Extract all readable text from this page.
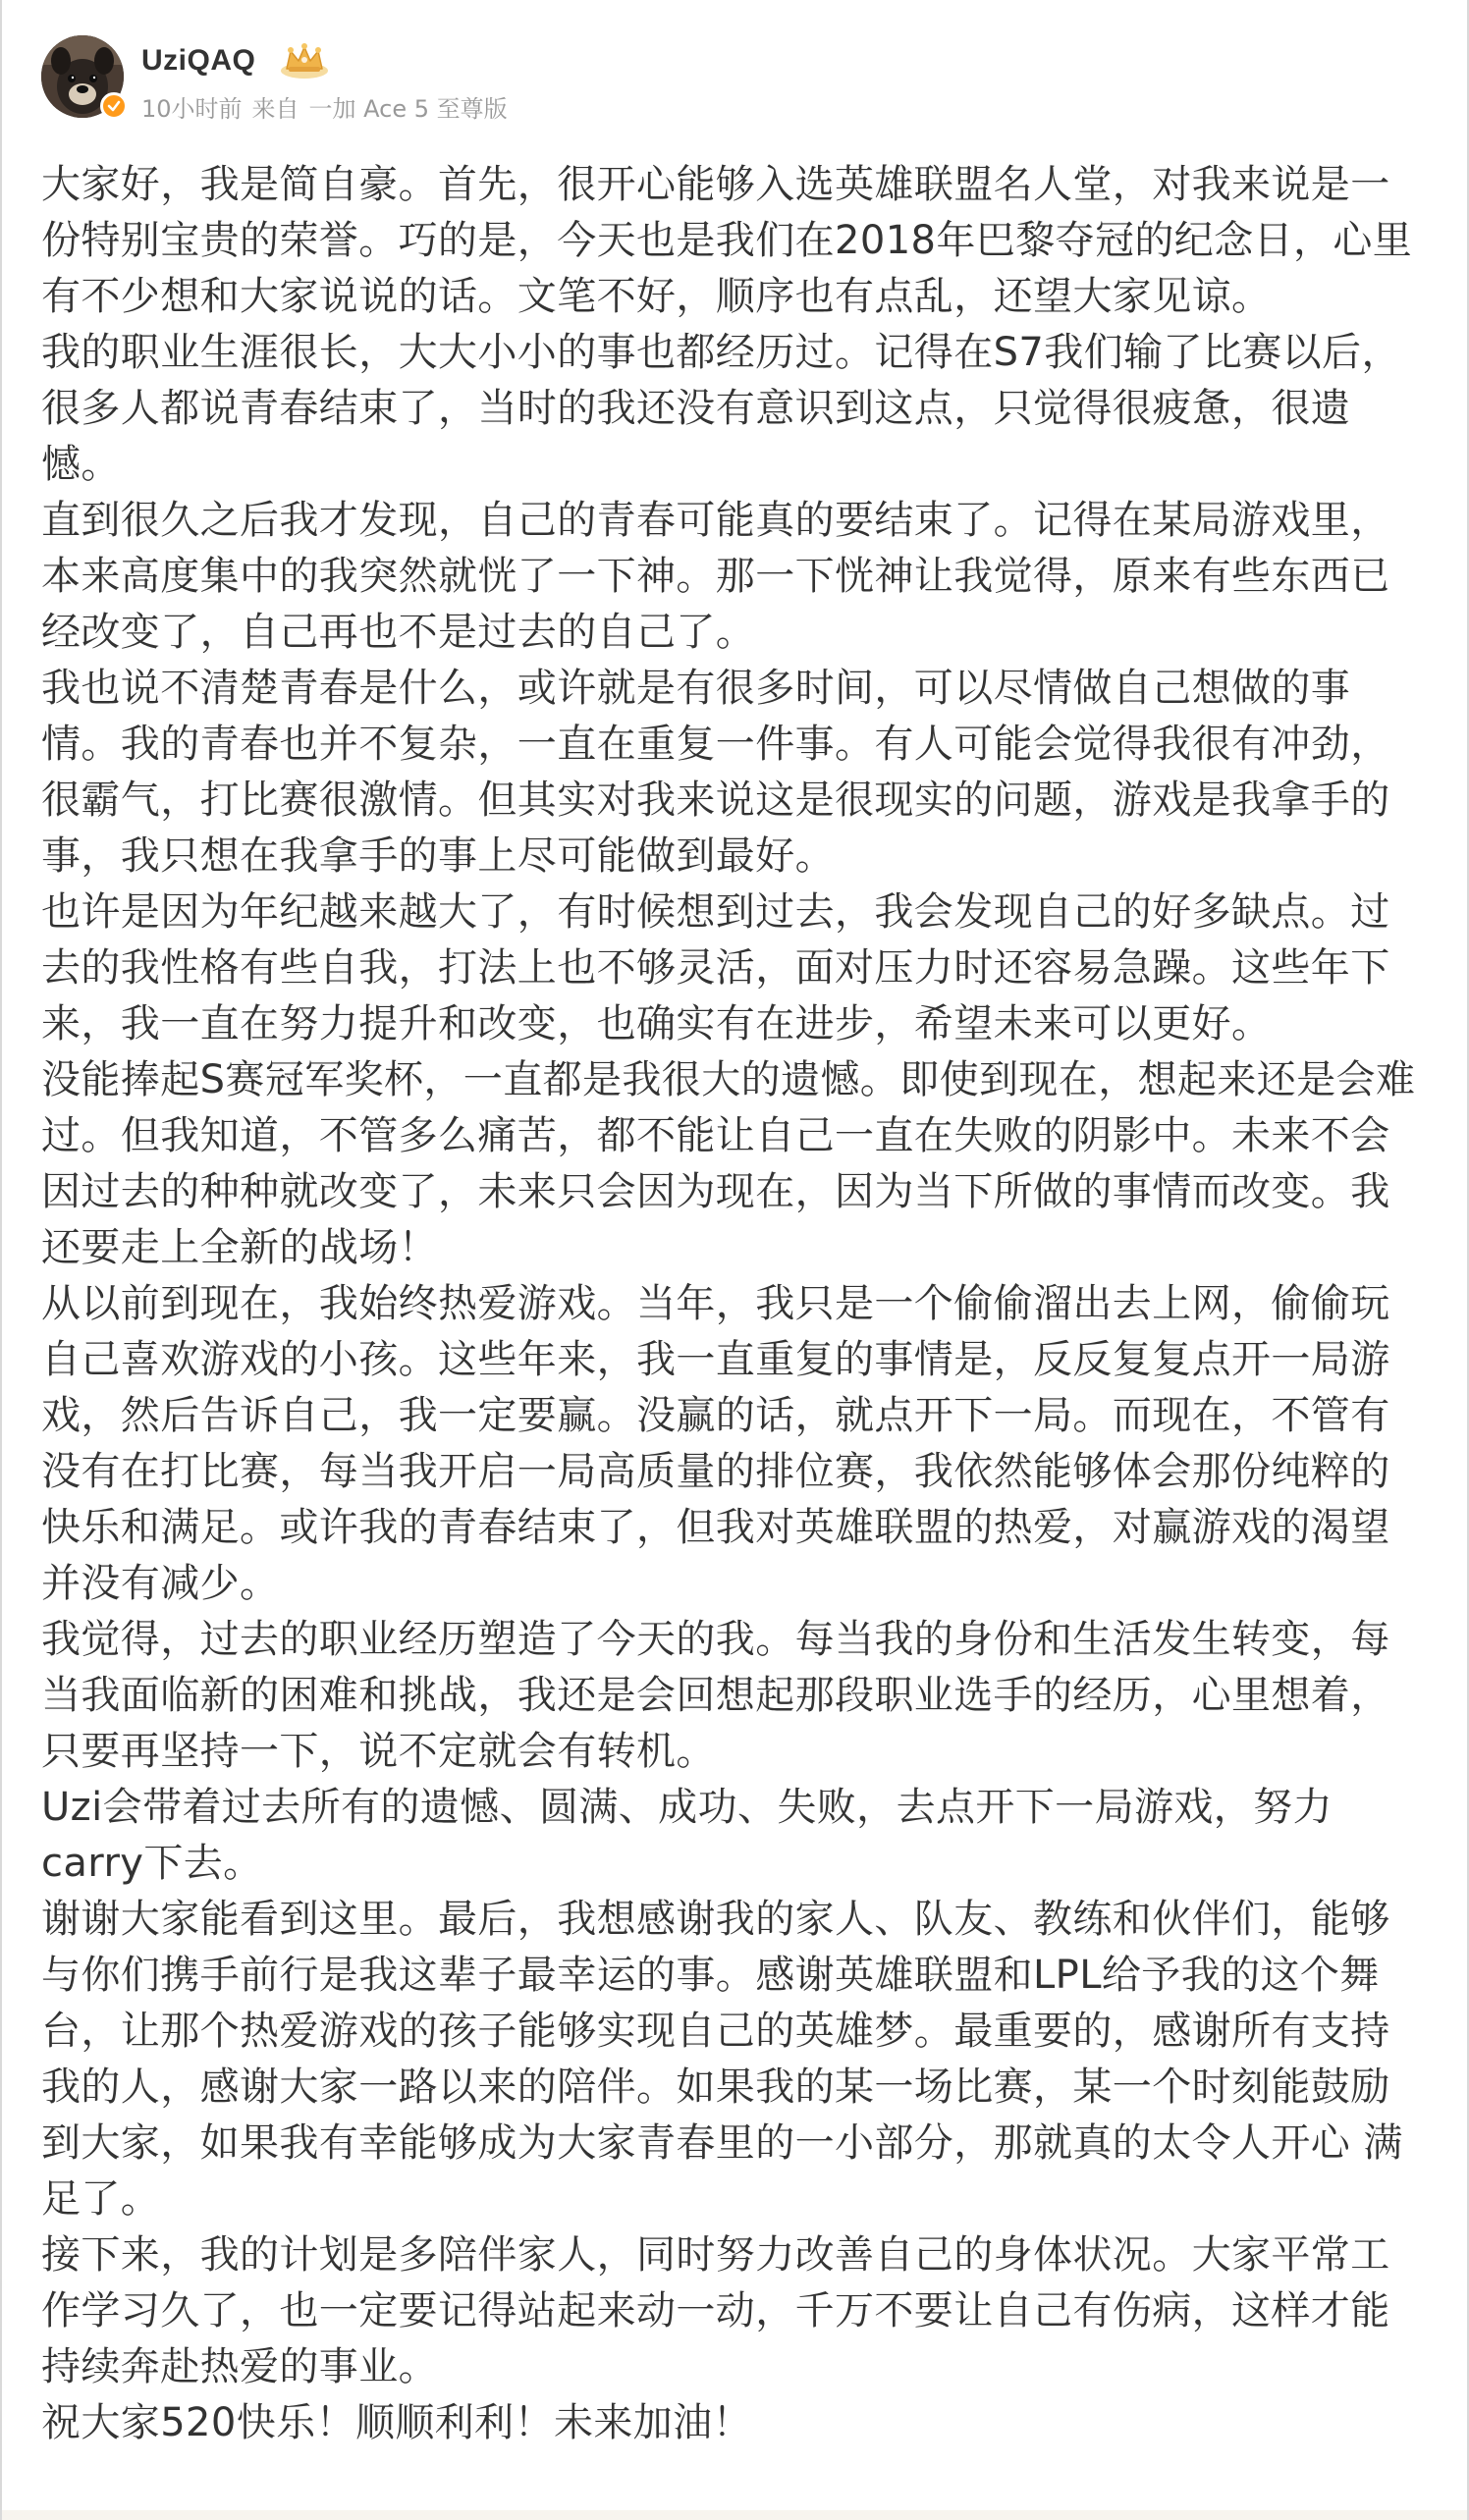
UziQAQ
10小时前 来自 一加 Ace 5 至尊版

大家好，我是简自豪。首先，很开心能够入选英雄联盟名人堂，对我来说是一份特别宝贵的荣誉。巧的是，今天也是我们在2018年巴黎夺冠的纪念日，心里有不少想和大家说说的话。文笔不好，顺序也有点乱，还望大家见谅。

我的职业生涯很长，大大小小的事也都经历过。记得在S7我们输了比赛以后，很多人都说青春结束了，当时的我还没有意识到这点，只觉得很疲惫，很遗憾。

直到很久之后我才发现，自己的青春可能真的要结束了。记得在某局游戏里，本来高度集中的我突然就恍了一下神。那一下恍神让我觉得，原来有些东西已经改变了，自己再也不是过去的自己了。

我也说不清楚青春是什么，或许就是有很多时间，可以尽情做自己想做的事情。我的青春也并不复杂，一直在重复一件事。有人可能会觉得我很有冲劲，很霸气，打比赛很激情。但其实对我来说这是很现实的问题，游戏是我拿手的事，我只想在我拿手的事上尽可能做到最好。

也许是因为年纪越来越大了，有时候想到过去，我会发现自己的好多缺点。过去的我性格有些自我，打法上也不够灵活，面对压力时还容易急躁。这些年下来，我一直在努力提升和改变，也确实有在进步，希望未来可以更好。

没能捧起S赛冠军奖杯，一直都是我很大的遗憾。即使到现在，想起来还是会难过。但我知道，不管多么痛苦，都不能让自己一直在失败的阴影中。未来不会因过去的种种就改变了，未来只会因为现在，因为当下所做的事情而改变。我还要走上全新的战场！

从以前到现在，我始终热爱游戏。当年，我只是一个偷偷溜出去上网，偷偷玩自己喜欢游戏的小孩。这些年来，我一直重复的事情是，反反复复点开一局游戏，然后告诉自己，我一定要赢。没赢的话，就点开下一局。而现在，不管有没有在打比赛，每当我开启一局高质量的排位赛，我依然能够体会那份纯粹的快乐和满足。或许我的青春结束了，但我对英雄联盟的热爱，对赢游戏的渴望并没有减少。

我觉得，过去的职业经历塑造了今天的我。每当我的身份和生活发生转变，每当我面临新的困难和挑战，我还是会回想起那段职业选手的经历，心里想着，只要再坚持一下，说不定就会有转机。

Uzi会带着过去所有的遗憾、圆满、成功、失败，去点开下一局游戏，努力carry下去。

谢谢大家能看到这里。最后，我想感谢我的家人、队友、教练和伙伴们，能够与你们携手前行是我这辈子最幸运的事。感谢英雄联盟和LPL给予我的这个舞台，让那个热爱游戏的孩子能够实现自己的英雄梦。最重要的，感谢所有支持我的人，感谢大家一路以来的陪伴。如果我的某一场比赛，某一个时刻能鼓励到大家，如果我有幸能够成为大家青春里的一小部分，那就真的太令人开心 满足了。

接下来，我的计划是多陪伴家人，同时努力改善自己的身体状况。大家平常工作学习久了，也一定要记得站起来动一动，千万不要让自己有伤病，这样才能持续奔赴热爱的事业。

祝大家520快乐！顺顺利利！未来加油！
